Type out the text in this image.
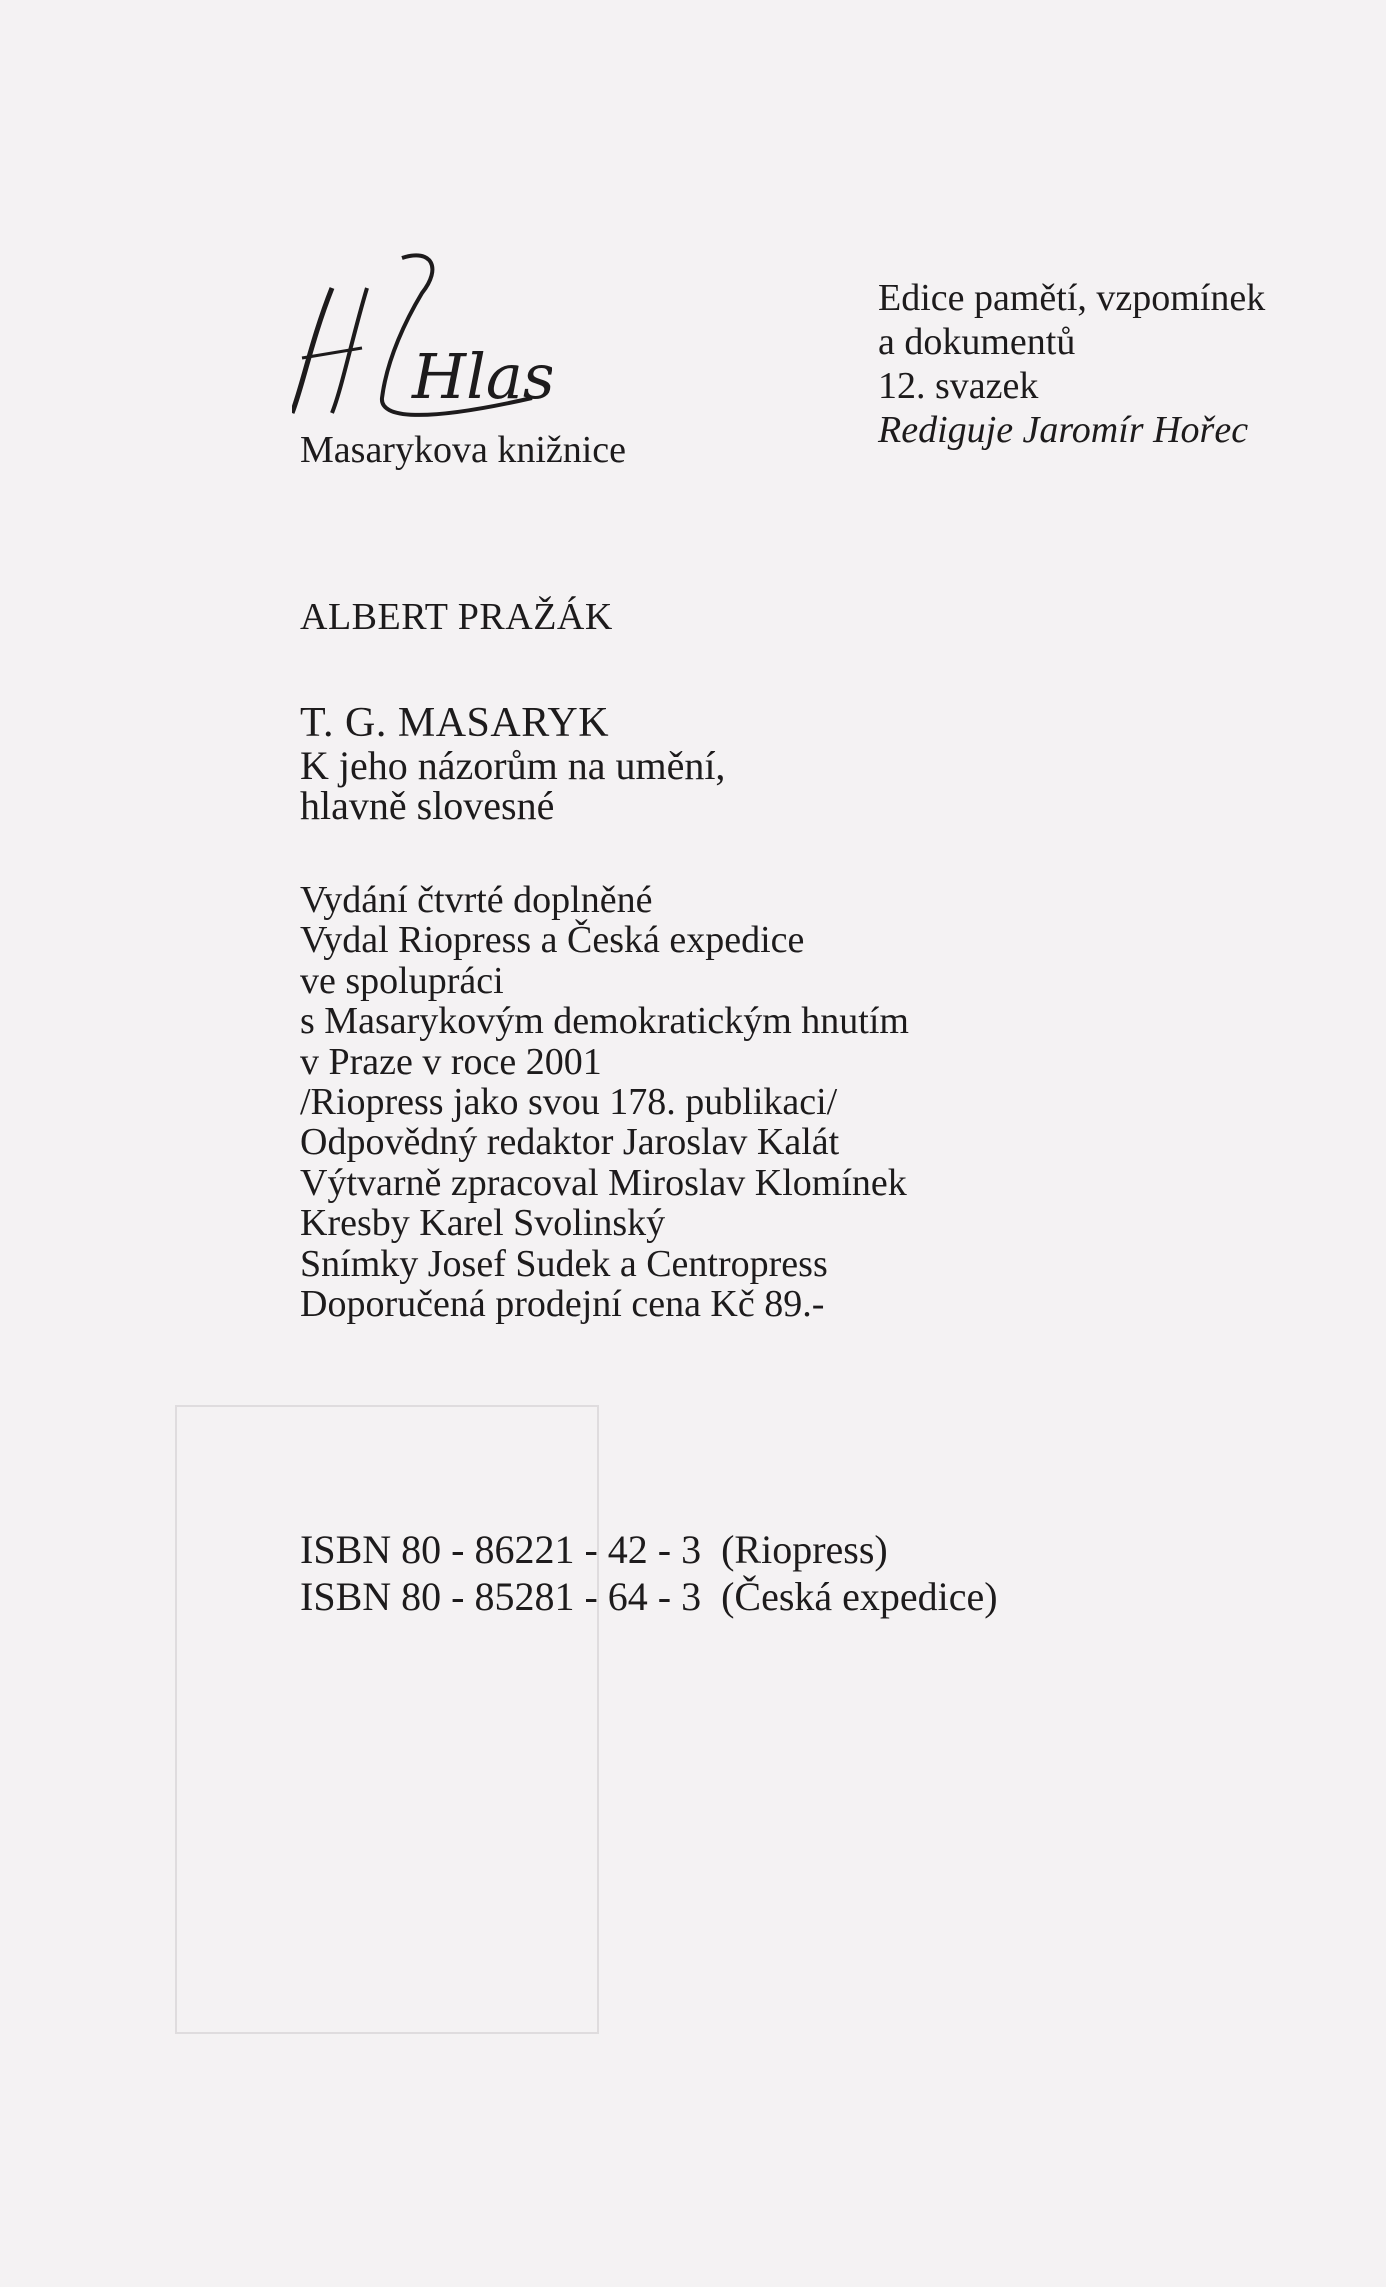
Hlas
Masarykova knižnice
Edice pamětí, vzpomínek
a dokumentů
12. svazek
Rediguje Jaromír Hořec
ALBERT PRAŽÁK
T. G. MASARYK
K jeho názorům na umění,
hlavně slovesné
Vydání čtvrté doplněné
Vydal Riopress a Česká expedice
ve spolupráci
s Masarykovým demokratickým hnutím
v Praze v roce 2001
/Riopress jako svou 178. publikaci/
Odpovědný redaktor Jaroslav Kalát
Výtvarně zpracoval Miroslav Klomínek
Kresby Karel Svolinský
Snímky Josef Sudek a Centropress
Doporučená prodejní cena Kč 89.-
ISBN 80 - 86221 - 42 - 3 (Riopress)
ISBN 80 - 85281 - 64 - 3 (Česká expedice)
